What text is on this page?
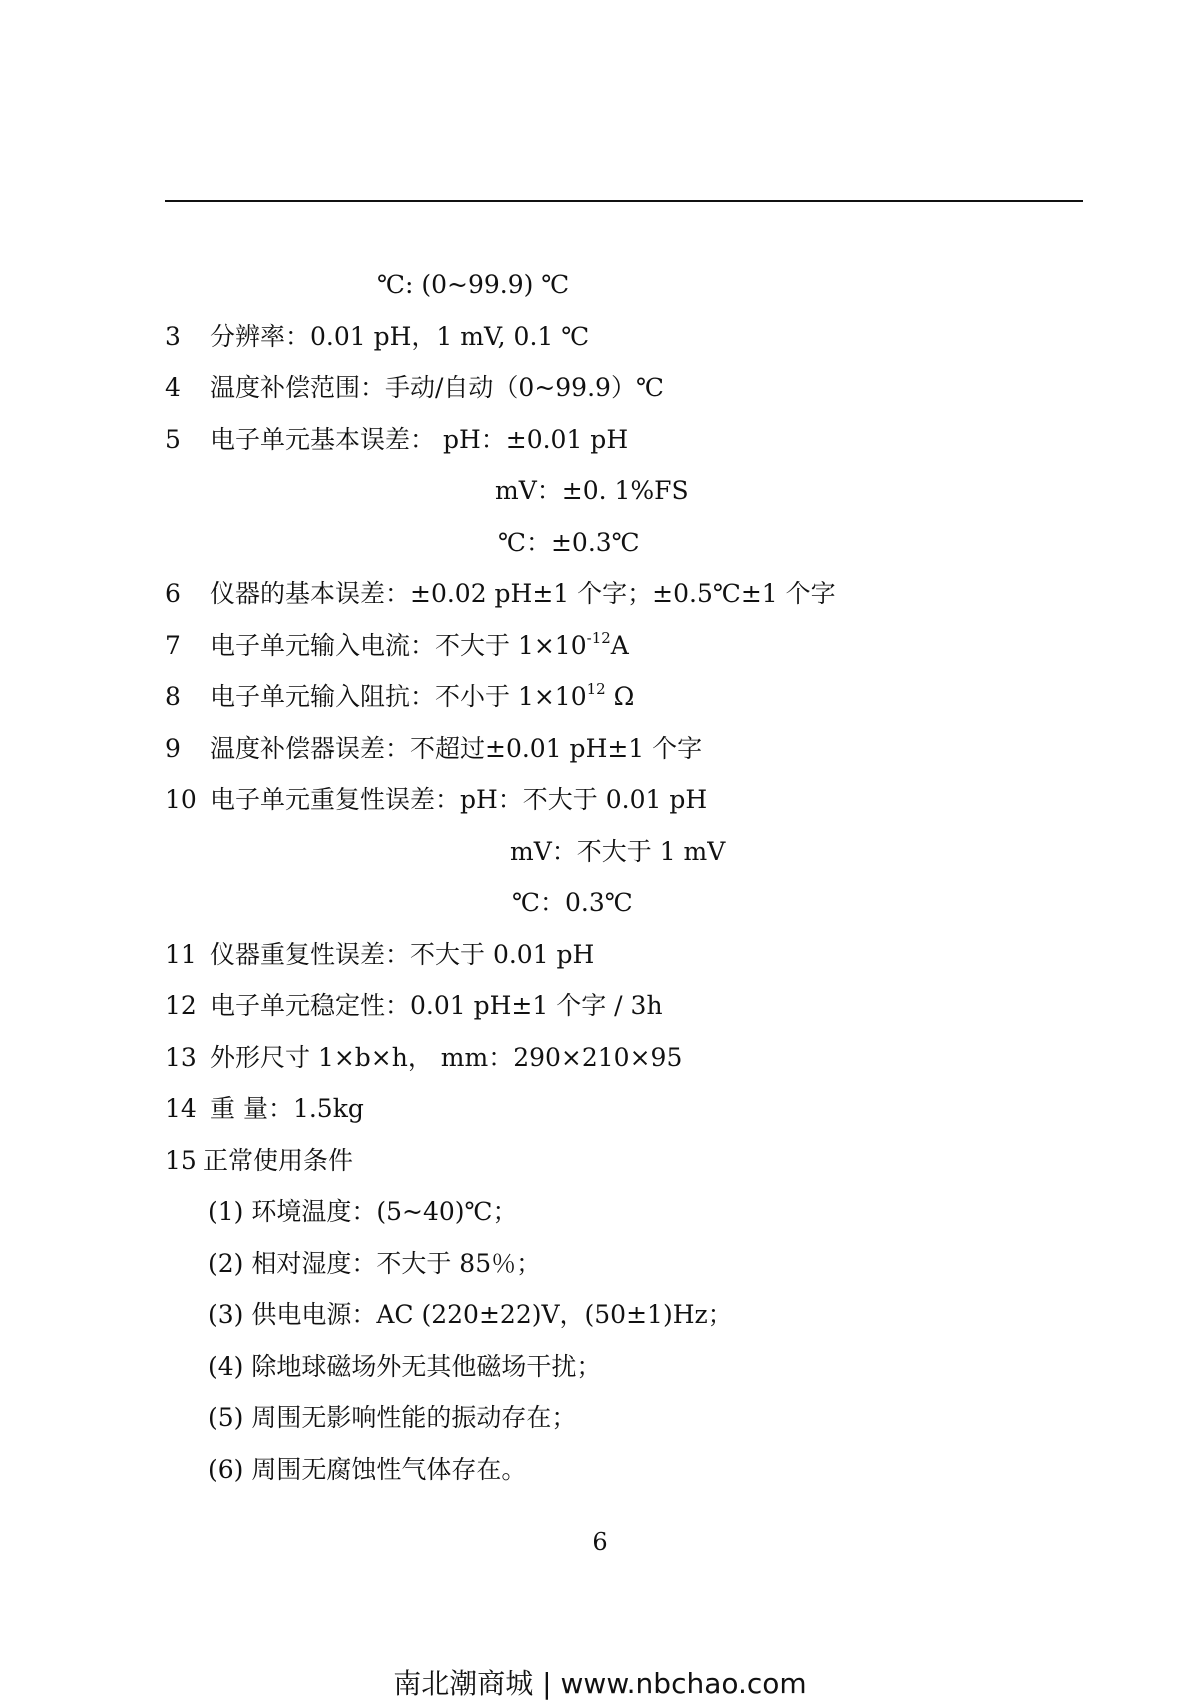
℃: (0~99.9) ℃
3 分辨率：0.01 pH，1 mV, 0.1 ℃
4 温度补偿范围：手动/自动（0~99.9）℃
5 电子单元基本误差： pH：±0.01 pH
mV：±0. 1%FS
℃：±0.3℃
6 仪器的基本误差：±0.02 pH±1 个字；±0.5℃±1 个字
7 电子单元输入电流：不大于 $1\times 10^{-12}A$
8 电子单元输入阻抗：不小于 $1\times 10^{12}$ Ω
9 温度补偿器误差：不超过±0.01 pH±1 个字
10 电子单元重复性误差：pH：不大于 0.01 pH
mV：不大于 1 mV
℃：0.3℃
11 仪器重复性误差：不大于 0.01 pH
12 电子单元稳定性：0.01 pH±1 个字 / 3h
13 外形尺寸 1×b×h， mm：290×210×95
14 重 量：1.5kg
15 正常使用条件
(1) 环境温度：(5~40)℃；
(2) 相对湿度：不大于 85％；
(3) 供电电源：AC (220±22)V，(50±1)Hz；
(4) 除地球磁场外无其他磁场干扰；
(5) 周围无影响性能的振动存在；
(6) 周围无腐蚀性气体存在。
6
南北潮商城 | www.nbchao.com
